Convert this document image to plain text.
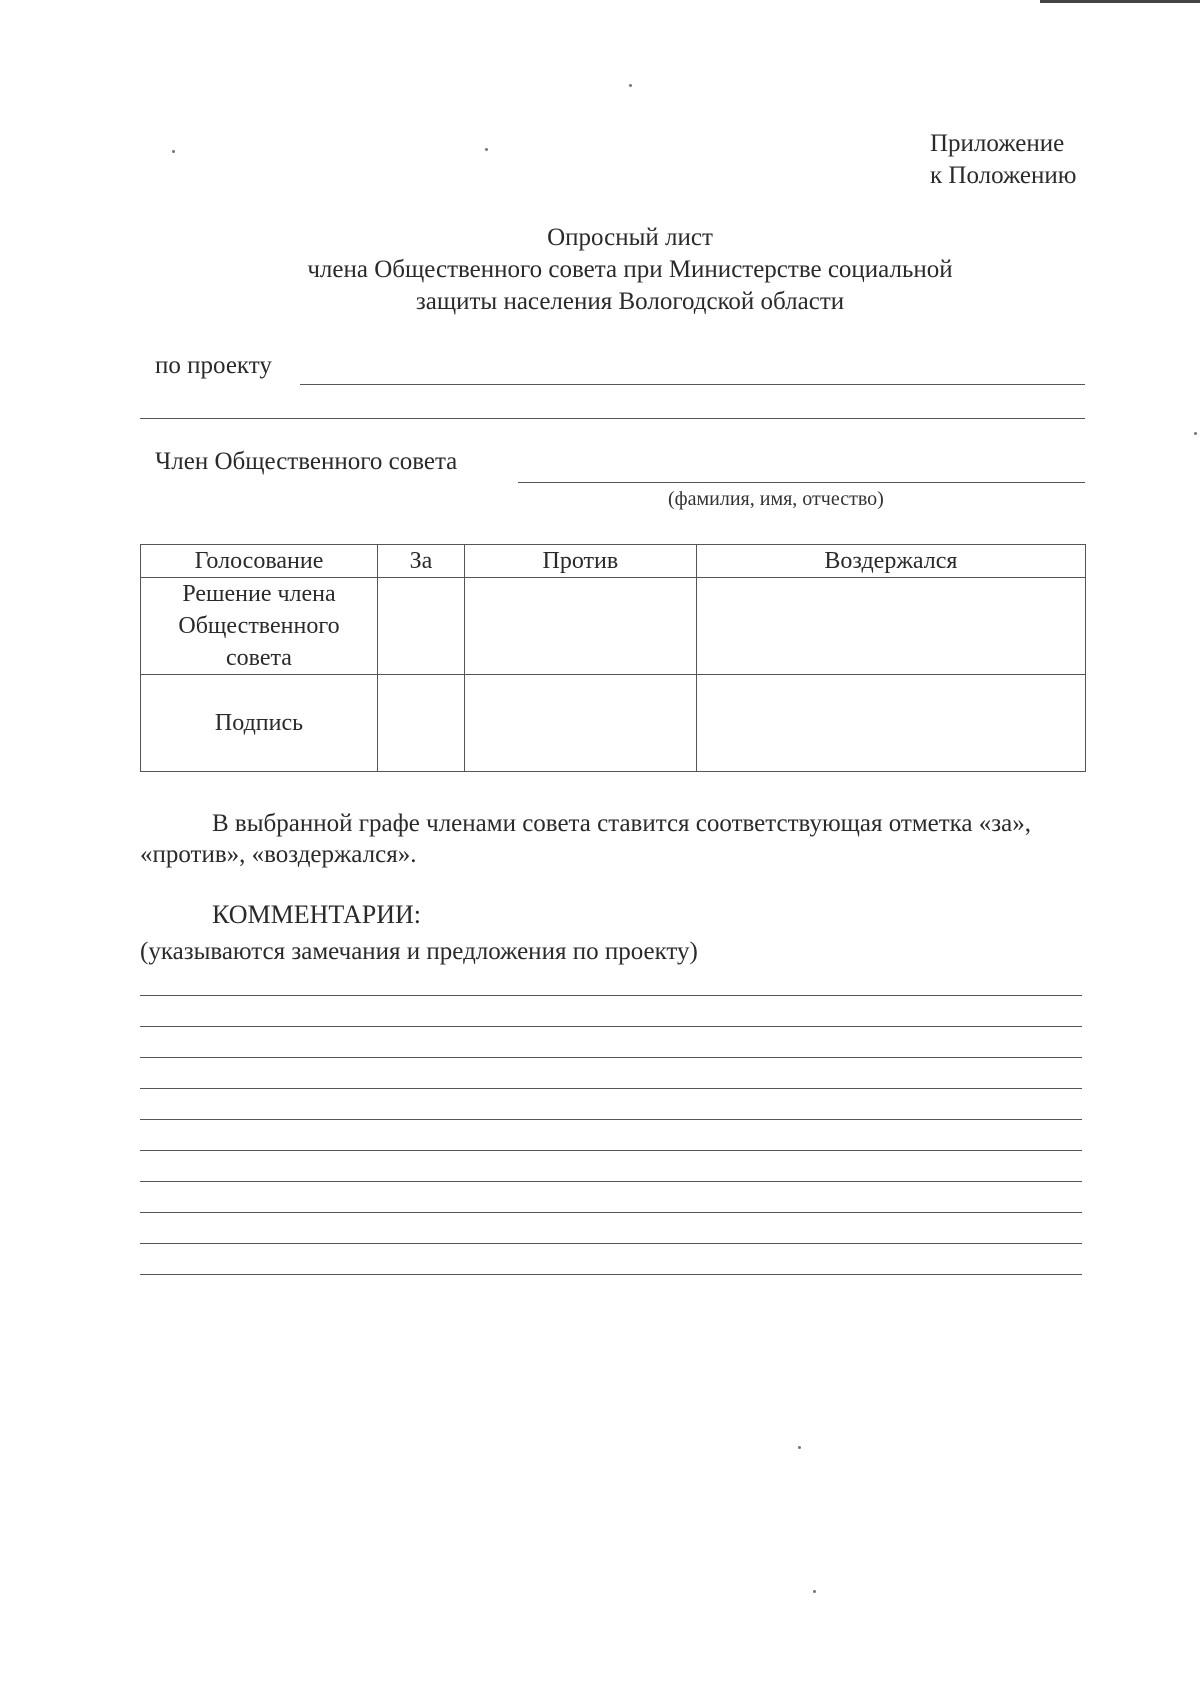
Приложение
к Положению
Опросный лист
члена Общественного совета при Министерстве социальной
защиты населения Вологодской области
по проекту
Член Общественного совета
(фамилия, имя, отчество)
Голосование	За	Против	Воздержался
Решение члена Общественного совета			
Подпись			
В выбранной графе членами совета ставится соответствующая отметка «за», «против», «воздержался».
КОММЕНТАРИИ:
(указываются замечания и предложения по проекту)
